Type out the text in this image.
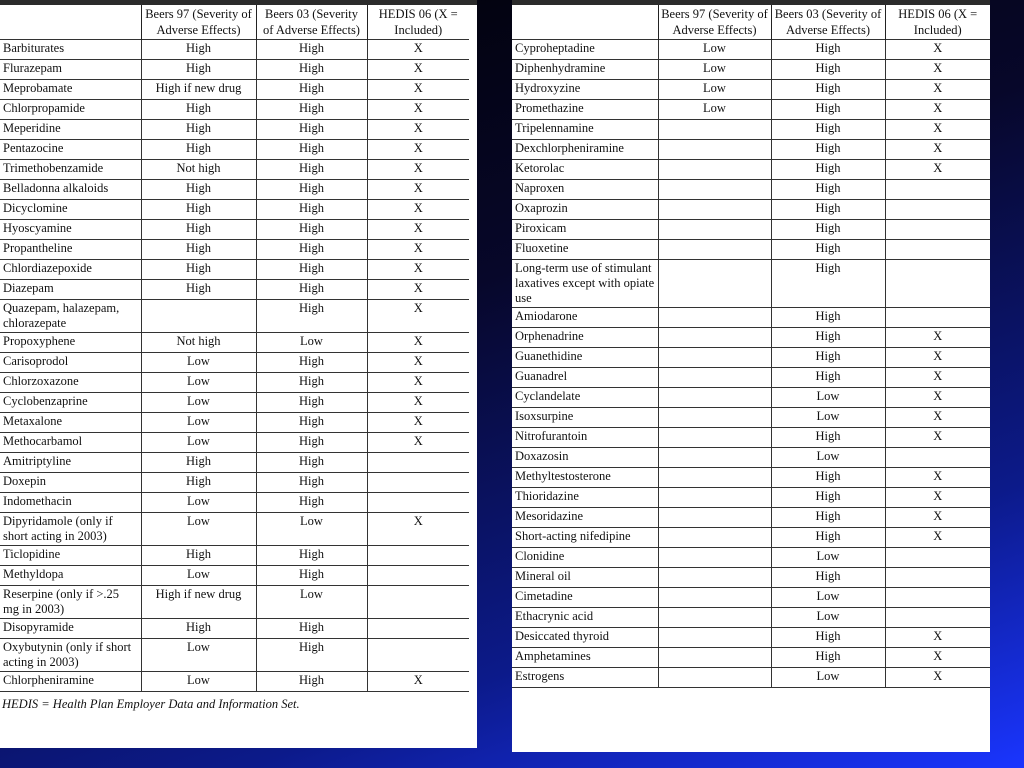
	Beers 97 (Severity of Adverse Effects)	Beers 03 (Severity of Adverse Effects)	HEDIS 06 (X = Included)
Barbiturates	High	High	X
Flurazepam	High	High	X
Meprobamate	High if new drug	High	X
Chlorpropamide	High	High	X
Meperidine	High	High	X
Pentazocine	High	High	X
Trimethobenzamide	Not high	High	X
Belladonna alkaloids	High	High	X
Dicyclomine	High	High	X
Hyoscyamine	High	High	X
Propantheline	High	High	X
Chlordiazepoxide	High	High	X
Diazepam	High	High	X
Quazepam, halazepam, chlorazepate		High	X
Propoxyphene	Not high	Low	X
Carisoprodol	Low	High	X
Chlorzoxazone	Low	High	X
Cyclobenzaprine	Low	High	X
Metaxalone	Low	High	X
Methocarbamol	Low	High	X
Amitriptyline	High	High	
Doxepin	High	High	
Indomethacin	Low	High	
Dipyridamole (only if short acting in 2003)	Low	Low	X
Ticlopidine	High	High	
Methyldopa	Low	High	
Reserpine (only if >.25 mg in 2003)	High if new drug	Low	
Disopyramide	High	High	
Oxybutynin (only if short acting in 2003)	Low	High	
Chlorpheniramine	Low	High	X
HEDIS = Health Plan Employer Data and Information Set.
	Beers 97 (Severity of Adverse Effects)	Beers 03 (Severity of Adverse Effects)	HEDIS 06 (X = Included)
Cyproheptadine	Low	High	X
Diphenhydramine	Low	High	X
Hydroxyzine	Low	High	X
Promethazine	Low	High	X
Tripelennamine		High	X
Dexchlorpheniramine		High	X
Ketorolac		High	X
Naproxen		High	
Oxaprozin		High	
Piroxicam		High	
Fluoxetine		High	
Long-term use of stimulant laxatives except with opiate use		High	
Amiodarone		High	
Orphenadrine		High	X
Guanethidine		High	X
Guanadrel		High	X
Cyclandelate		Low	X
Isoxsurpine		Low	X
Nitrofurantoin		High	X
Doxazosin		Low	
Methyltestosterone		High	X
Thioridazine		High	X
Mesoridazine		High	X
Short-acting nifedipine		High	X
Clonidine		Low	
Mineral oil		High	
Cimetadine		Low	
Ethacrynic acid		Low	
Desiccated thyroid		High	X
Amphetamines		High	X
Estrogens		Low	X
